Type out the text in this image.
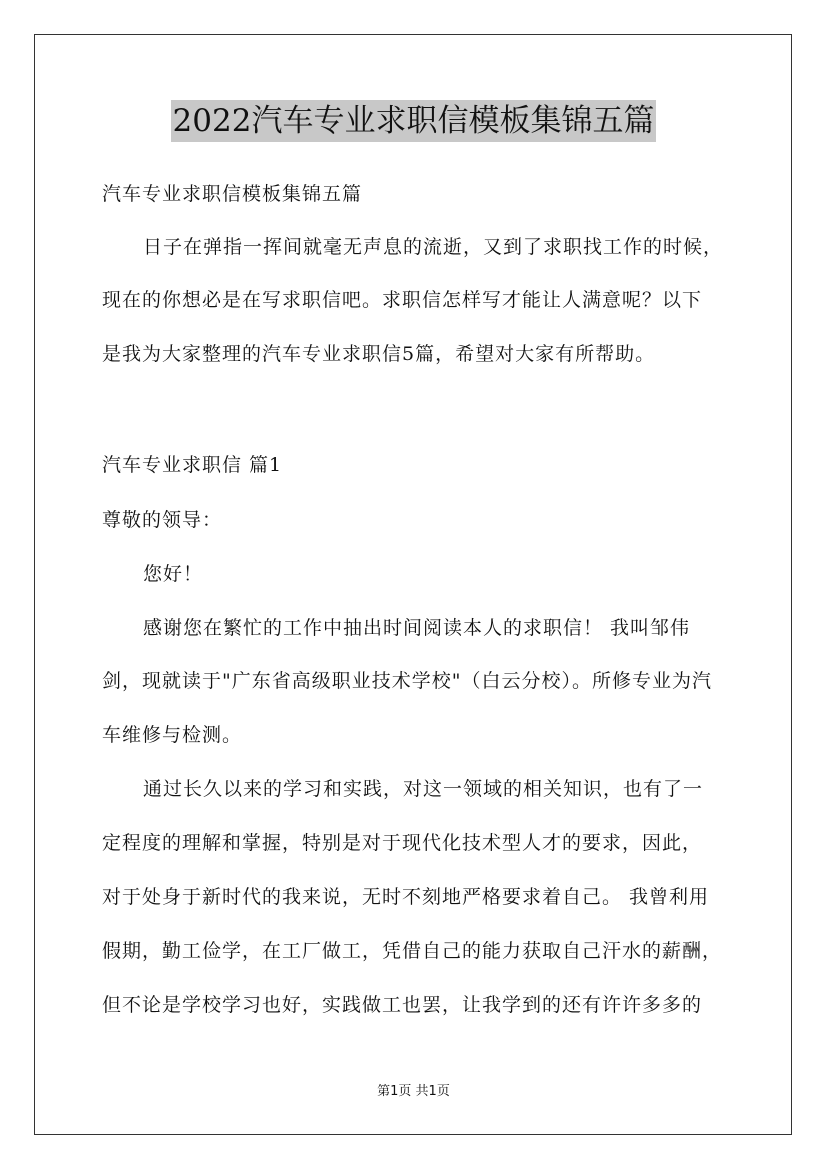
2022汽车专业求职信模板集锦五篇
汽车专业求职信模板集锦五篇
日子在弹指一挥间就毫无声息的流逝，又到了求职找工作的时候，
现在的你想必是在写求职信吧。求职信怎样写才能让人满意呢？以下
是我为大家整理的汽车专业求职信5篇，希望对大家有所帮助。
汽车专业求职信 篇1
尊敬的领导：
您好！
感谢您在繁忙的工作中抽出时间阅读本人的求职信！ 我叫邹伟
剑，现就读于"广东省高级职业技术学校"（白云分校）。所修专业为汽
车维修与检测。
通过长久以来的学习和实践，对这一领域的相关知识，也有了一
定程度的理解和掌握，特别是对于现代化技术型人才的要求，因此，
对于处身于新时代的我来说，无时不刻地严格要求着自己。 我曾利用
假期，勤工俭学，在工厂做工，凭借自己的能力获取自己汗水的薪酬，
但不论是学校学习也好，实践做工也罢，让我学到的还有许许多多的
第1页 共1页
